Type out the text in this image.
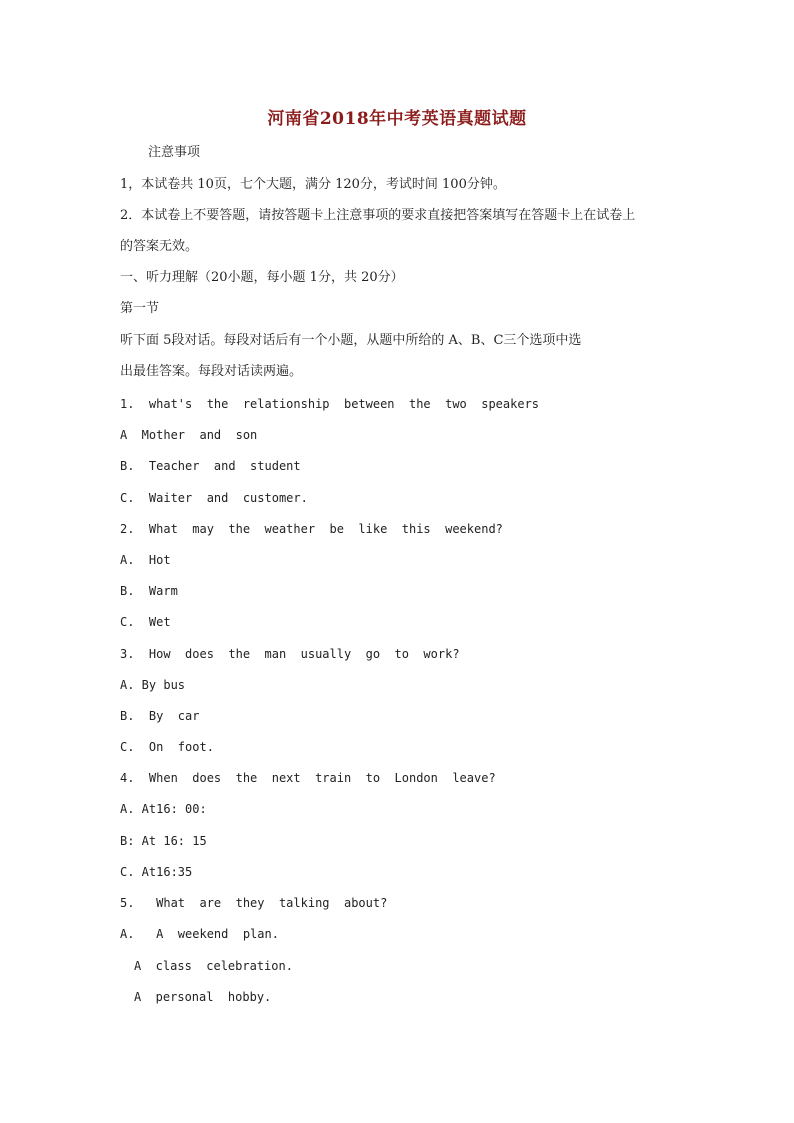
河南省2018年中考英语真题试题
注意事项
1，本试卷共 10页，七个大题，满分 120分，考试时间 100分钟。
2．本试卷上不要答题，请按答题卡上注意事项的要求直接把答案填写在答题卡上在试卷上
的答案无效。
一、听力理解（20小题，每小题 1分，共 20分）
第一节
听下面 5段对话。每段对话后有一个小题，从题中所给的 A、B、C三个选项中选
出最佳答案。每段对话读两遍。
1.  what's  the  relationship  between  the  two  speakers
A  Mother  and  son
B.  Teacher  and  student
C.  Waiter  and  customer.
2.  What  may  the  weather  be  like  this  weekend?
A.  Hot
B.  Warm
C.  Wet
3.  How  does  the  man  usually  go  to  work?
A. By bus
B.  By  car
C.  On  foot.
4.  When  does  the  next  train  to  London  leave?
A. At16: 00:
B: At 16: 15
C. At16:35
5.   What  are  they  talking  about?
A.   A  weekend  plan.
A  class  celebration.
A  personal  hobby.
